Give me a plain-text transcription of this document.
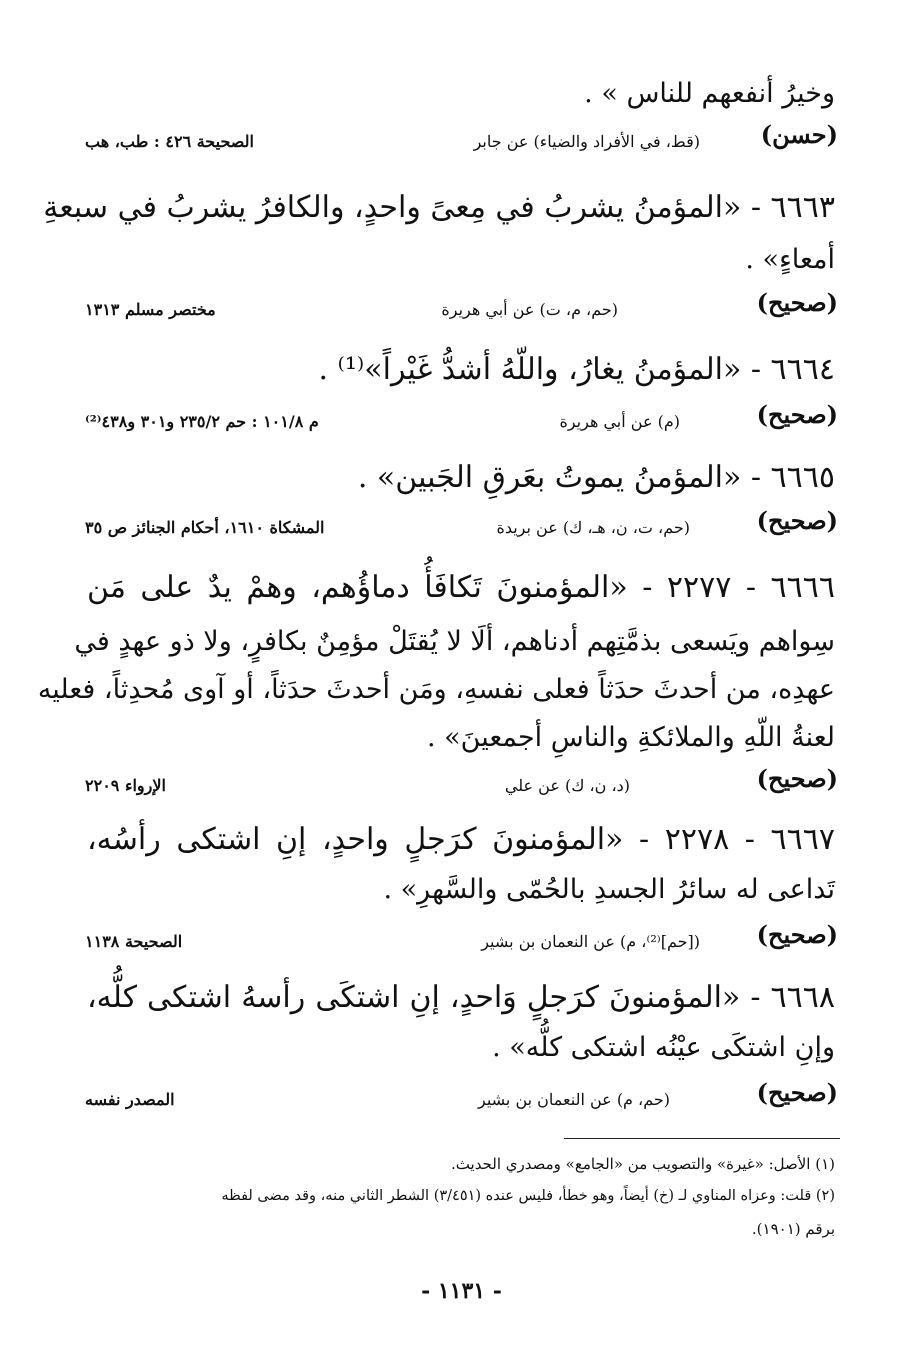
وخيرُ أنفعهم للناس » .
( حسن )
(قط، في الأفراد والضياء) عن جابر
الصحيحة ٤٢٦ : طب، هب
٦٦٦٣ - «المؤمنُ يشربُ في مِعىً واحدٍ، والكافرُ يشربُ في سبعةِ
أمعاءٍ» .
( صحيح )
(حم، م، ت) عن أبي هريرة
مختصر مسلم ١٣١٣
٦٦٦٤ - «المؤمنُ يغارُ، واللّهُ أشدُّ غَيْراً»⁽¹⁾ .
( صحيح )
(م) عن أبي هريرة
م ١٠١/٨ : حم ٢٣٥/٢ و٣٠١ و٤٣٨⁽²⁾
٦٦٦٥ - «المؤمنُ يموتُ بعَرقِ الجَبين» .
( صحيح )
(حم، ت، ن، هـ، ك) عن بريدة
المشكاة ١٦١٠، أحكام الجنائز ص ٣٥
٦٦٦٦ - ٢٢٧٧ - «المؤمنونَ تَكافَأُ دماؤُهم، وهمْ يدٌ على مَن
سِواهم ويَسعى بذمَّتِهم أدناهم، ألَا لا يُقتَلْ مؤمِنٌ بكافرٍ، ولا ذو عهدٍ في
عهدِه، من أحدثَ حدَثاً فعلى نفسهِ، ومَن أحدثَ حدَثاً، أو آوى مُحدِثاً، فعليه
لعنةُ اللّهِ والملائكةِ والناسِ أجمعينَ» .
( صحيح )
(د، ن، ك) عن علي
الإرواء ٢٢٠٩
٦٦٦٧ - ٢٢٧٨ - «المؤمنونَ كرَجلٍ واحدٍ، إنِ اشتكى رأسُه،
تَداعى له سائرُ الجسدِ بالحُمّى والسَّهرِ» .
( صحيح )
([حم]⁽²⁾، م) عن النعمان بن بشير
الصحيحة ١١٣٨
٦٦٦٨ - «المؤمنونَ كرَجلٍ وَاحدٍ، إنِ اشتكَى رأسهُ اشتكى كلُّه،
وإنِ اشتكَى عيْنُه اشتكى كلُّه» .
( صحيح )
(حم، م) عن النعمان بن بشير
المصدر نفسه
(١) الأصل: «غيرة» والتصويب من «الجامع» ومصدري الحديث.
(٢) قلت: وعزاه المناوي لـ (خ) أيضاً، وهو خطأ، فليس عنده (٣/٤٥١) الشطر الثاني منه، وقد مضى لفظه
برقم (١٩٠١).
- ١١٣١ -
